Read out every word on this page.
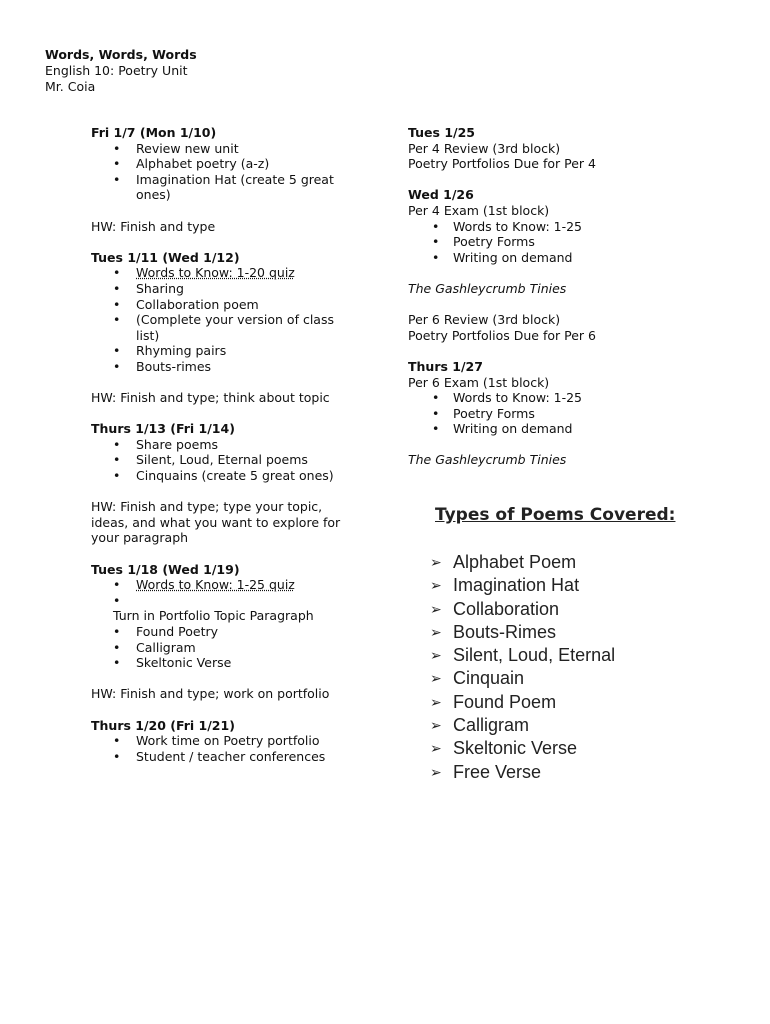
Words, Words, Words
English 10: Poetry Unit
Mr. Coia
Fri 1/7 (Mon 1/10)
• Review new unit
• Alphabet poetry (a-z)
• Imagination Hat (create 5 great ones)
HW: Finish and type
Tues 1/11 (Wed 1/12)
• Words to Know: 1-20 quiz
• Sharing
• Collaboration poem
• (Complete your version of class list)
• Rhyming pairs
• Bouts-rimes
HW: Finish and type; think about topic
Thurs 1/13 (Fri 1/14)
• Share poems
• Silent, Loud, Eternal poems
• Cinquains (create 5 great ones)
HW: Finish and type; type your topic, ideas, and what you want to explore for your paragraph
Tues 1/18 (Wed 1/19)
• Words to Know: 1-25 quiz
•
Turn in Portfolio Topic Paragraph
• Found Poetry
• Calligram
• Skeltonic Verse
HW: Finish and type; work on portfolio
Thurs 1/20 (Fri 1/21)
• Work time on Poetry portfolio
• Student / teacher conferences
Tues 1/25
Per 4 Review (3rd block)
Poetry Portfolios Due for Per 4
Wed 1/26
Per 4 Exam (1st block)
• Words to Know: 1-25
• Poetry Forms
• Writing on demand
The Gashleycrumb Tinies
Per 6 Review (3rd block)
Poetry Portfolios Due for Per 6
Thurs 1/27
Per 6 Exam (1st block)
• Words to Know: 1-25
• Poetry Forms
• Writing on demand
The Gashleycrumb Tinies
Types of Poems Covered:
➢ Alphabet Poem
➢ Imagination Hat
➢ Collaboration
➢ Bouts-Rimes
➢ Silent, Loud, Eternal
➢ Cinquain
➢ Found Poem
➢ Calligram
➢ Skeltonic Verse
➢ Free Verse
